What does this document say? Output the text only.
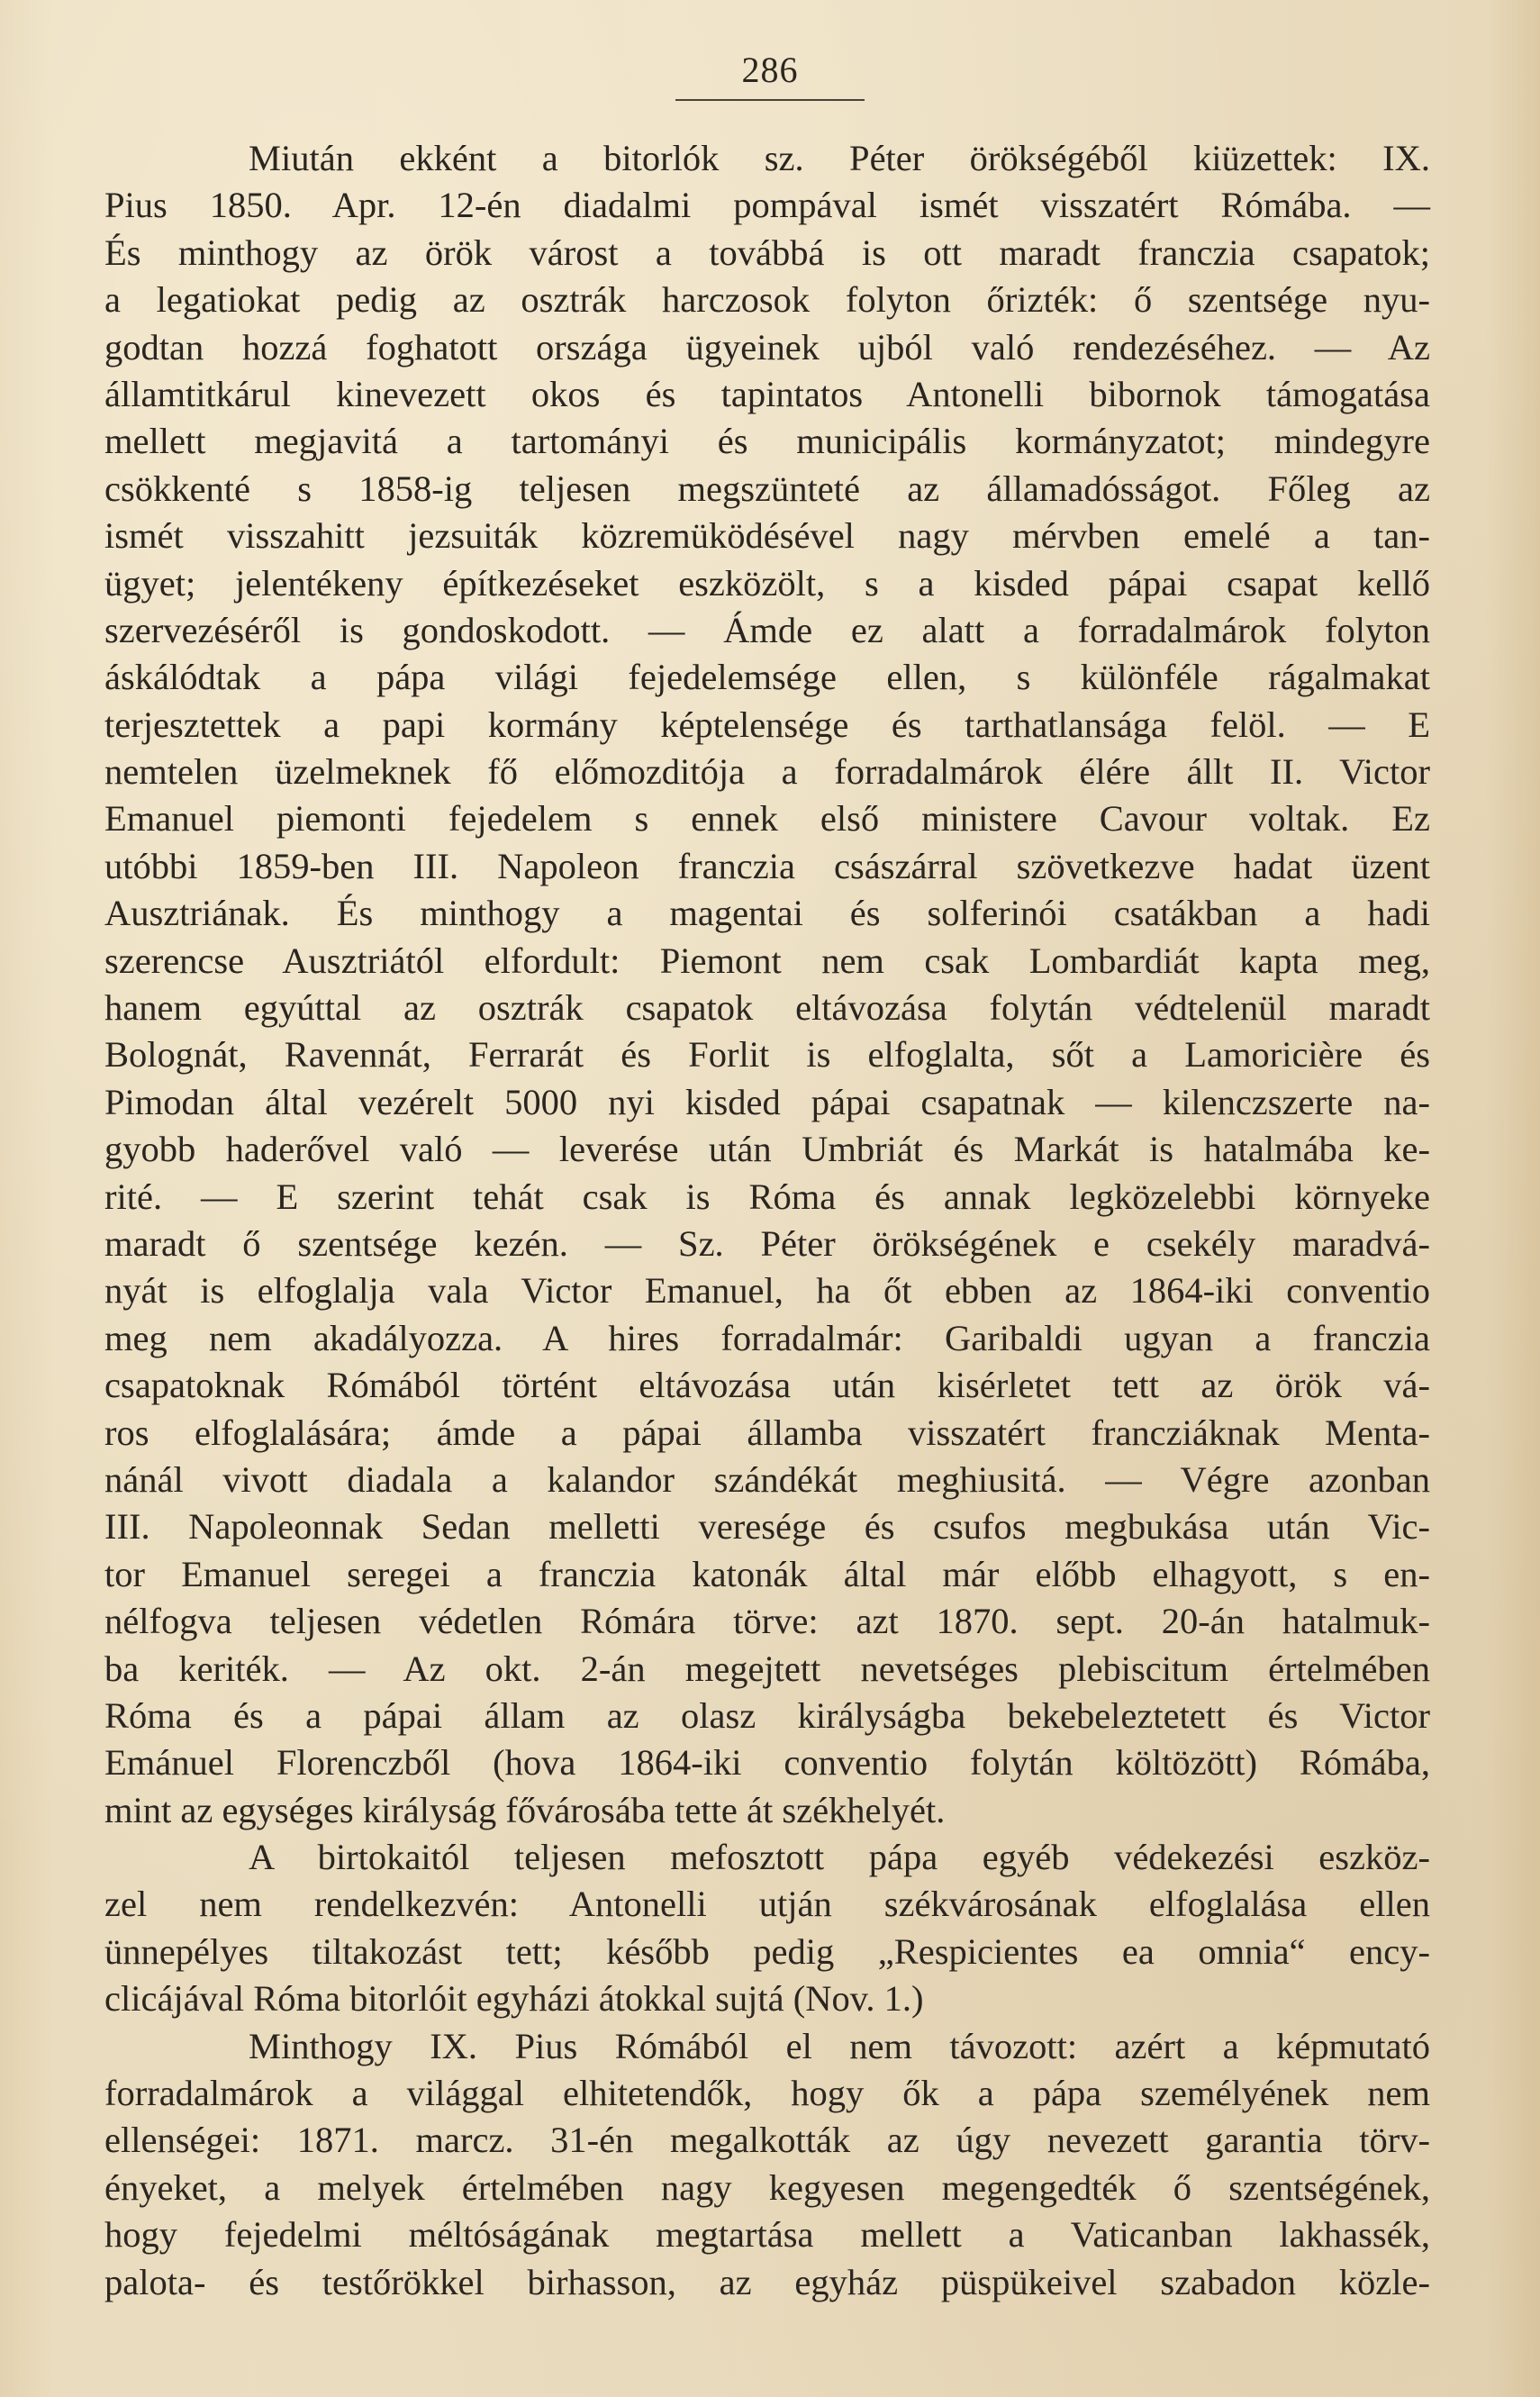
286
Miután ekként a bitorlók sz. Péter örökségéből kiüzettek: IX.
Pius 1850. Apr. 12-én diadalmi pompával ismét visszatért Rómába. —
És minthogy az örök várost a továbbá is ott maradt franczia csapatok;
a legatiokat pedig az osztrák harczosok folyton őrizték: ő szentsége nyu-
godtan hozzá foghatott országa ügyeinek ujból való rendezéséhez. — Az
államtitkárul kinevezett okos és tapintatos Antonelli bibornok támogatása
mellett megjavitá a tartományi és municipális kormányzatot; mindegyre
csökkenté s 1858-ig teljesen megszünteté az államadósságot. Főleg az
ismét visszahitt jezsuiták közremüködésével nagy mérvben emelé a tan-
ügyet; jelentékeny építkezéseket eszközölt, s a kisded pápai csapat kellő
szervezéséről is gondoskodott. — Ámde ez alatt a forradalmárok folyton
áskálódtak a pápa világi fejedelemsége ellen, s különféle rágalmakat
terjesztettek a papi kormány képtelensége és tarthatlansága felöl. — E
nemtelen üzelmeknek fő előmozditója a forradalmárok élére állt II. Victor
Emanuel piemonti fejedelem s ennek első ministere Cavour voltak. Ez
utóbbi 1859-ben III. Napoleon franczia császárral szövetkezve hadat üzent
Ausztriának. És minthogy a magentai és solferinói csatákban a hadi
szerencse Ausztriától elfordult: Piemont nem csak Lombardiát kapta meg,
hanem egyúttal az osztrák csapatok eltávozása folytán védtelenül maradt
Bolognát, Ravennát, Ferrarát és Forlit is elfoglalta, sőt a Lamoricière és
Pimodan által vezérelt 5000 nyi kisded pápai csapatnak — kilenczszerte na-
gyobb haderővel való — leverése után Umbriát és Markát is hatalmába ke-
rité. — E szerint tehát csak is Róma és annak legközelebbi környeke
maradt ő szentsége kezén. — Sz. Péter örökségének e csekély maradvá-
nyát is elfoglalja vala Victor Emanuel, ha őt ebben az 1864-iki conventio
meg nem akadályozza. A hires forradalmár: Garibaldi ugyan a franczia
csapatoknak Rómából történt eltávozása után kisérletet tett az örök vá-
ros elfoglalására; ámde a pápai államba visszatért francziáknak Menta-
nánál vivott diadala a kalandor szándékát meghiusitá. — Végre azonban
III. Napoleonnak Sedan melletti veresége és csufos megbukása után Vic-
tor Emanuel seregei a franczia katonák által már előbb elhagyott, s en-
nélfogva teljesen védetlen Rómára törve: azt 1870. sept. 20-án hatalmuk-
ba keriték. — Az okt. 2-án megejtett nevetséges plebiscitum értelmében
Róma és a pápai állam az olasz királyságba bekebeleztetett és Victor
Emánuel Florenczből (hova 1864-iki conventio folytán költözött) Rómába,
mint az egységes királyság fővárosába tette át székhelyét.
A birtokaitól teljesen mefosztott pápa egyéb védekezési eszköz-
zel nem rendelkezvén: Antonelli utján székvárosának elfoglalása ellen
ünnepélyes tiltakozást tett; később pedig „Respicientes ea omnia“ ency-
clicájával Róma bitorlóit egyházi átokkal sujtá (Nov. 1.)
Minthogy IX. Pius Rómából el nem távozott: azért a képmutató
forradalmárok a világgal elhitetendők, hogy ők a pápa személyének nem
ellenségei: 1871. marcz. 31-én megalkották az úgy nevezett garantia törv-
ényeket, a melyek értelmében nagy kegyesen megengedték ő szentségének,
hogy fejedelmi méltóságának megtartása mellett a Vaticanban lakhassék,
palota- és testőrökkel birhasson, az egyház püspükeivel szabadon közle-
